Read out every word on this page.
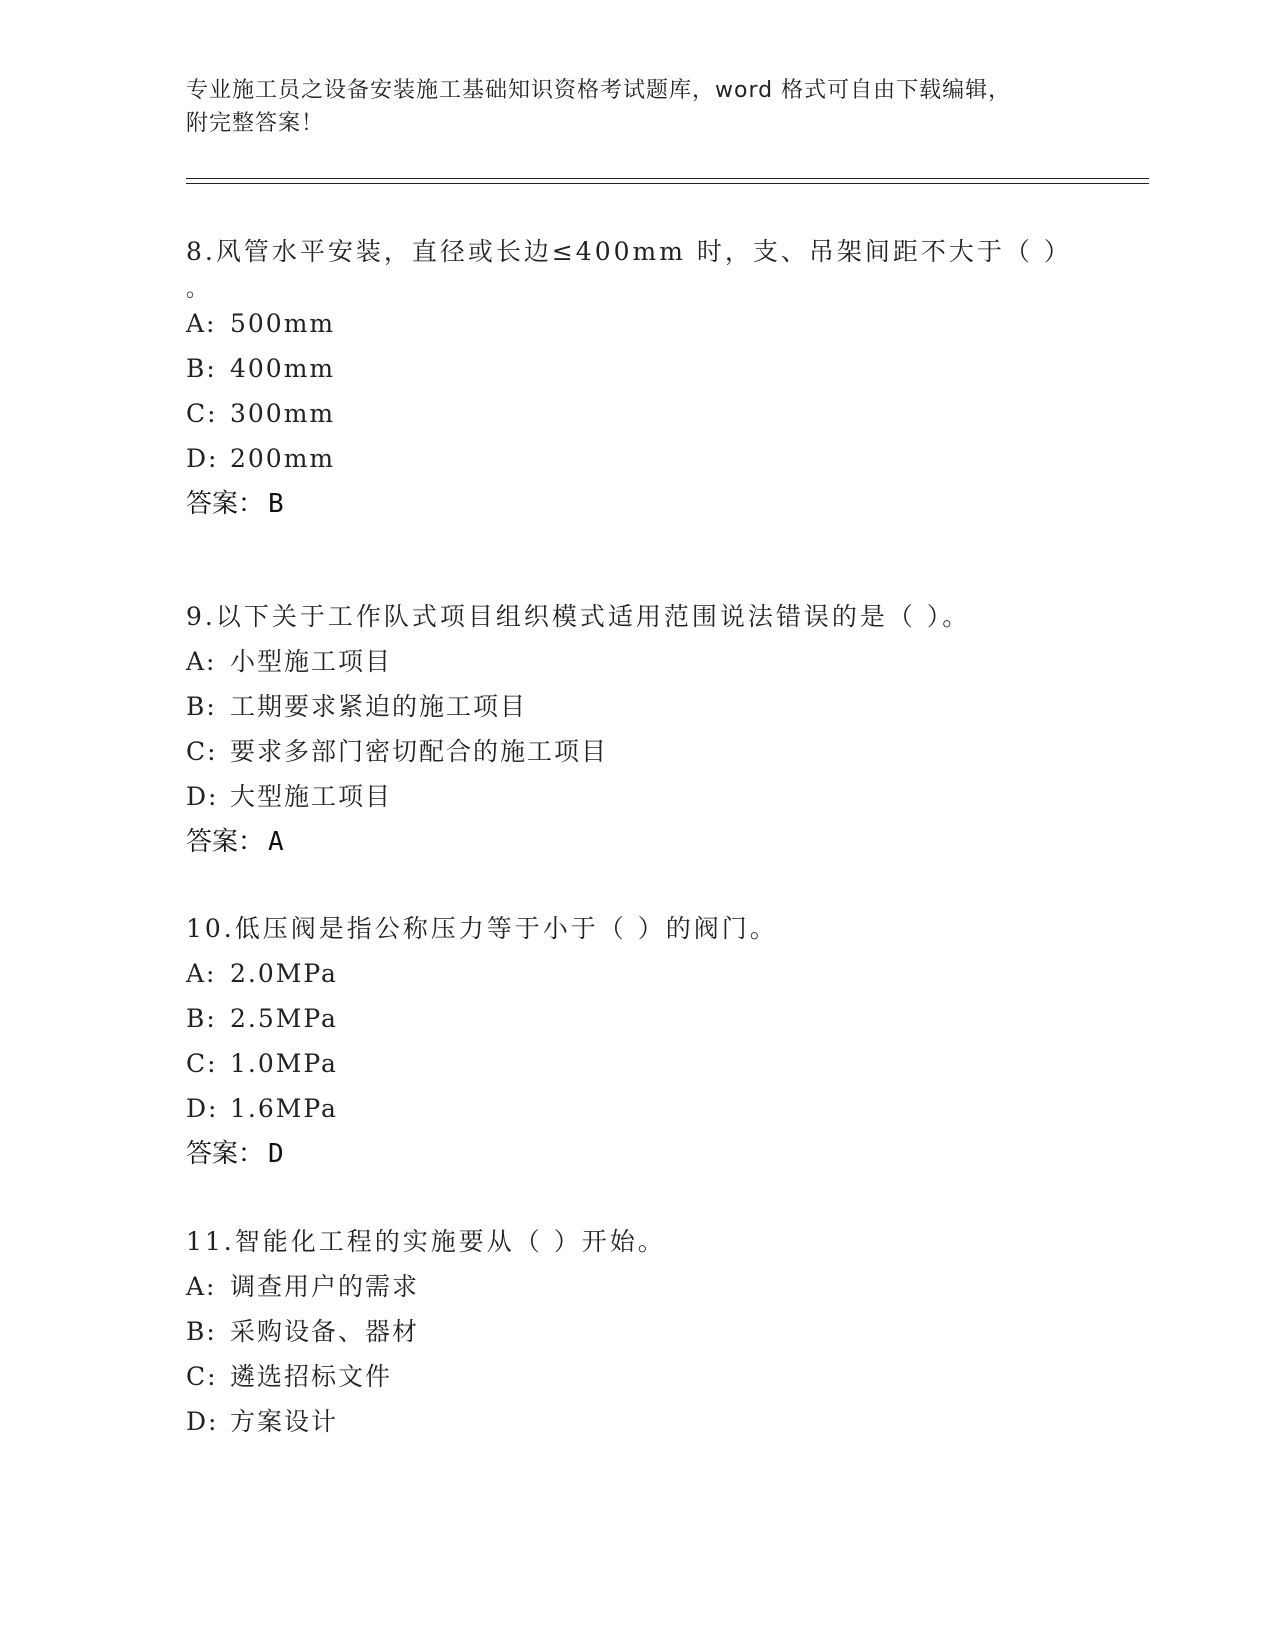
专业施工员之设备安装施工基础知识资格考试题库，word 格式可自由下载编辑，
附完整答案！
8.风管水平安装，直径或长边≤400mm 时，支、吊架间距不大于（ ）
。
A: 500mm
B: 400mm
C: 300mm
D: 200mm
答案： B
9.以下关于工作队式项目组织模式适用范围说法错误的是（ ）。
A: 小型施工项目
B: 工期要求紧迫的施工项目
C: 要求多部门密切配合的施工项目
D: 大型施工项目
答案： A
10.低压阀是指公称压力等于小于（ ）的阀门。
A: 2.0MPa
B: 2.5MPa
C: 1.0MPa
D: 1.6MPa
答案： D
11.智能化工程的实施要从（ ）开始。
A: 调查用户的需求
B: 采购设备、器材
C: 遴选招标文件
D: 方案设计
